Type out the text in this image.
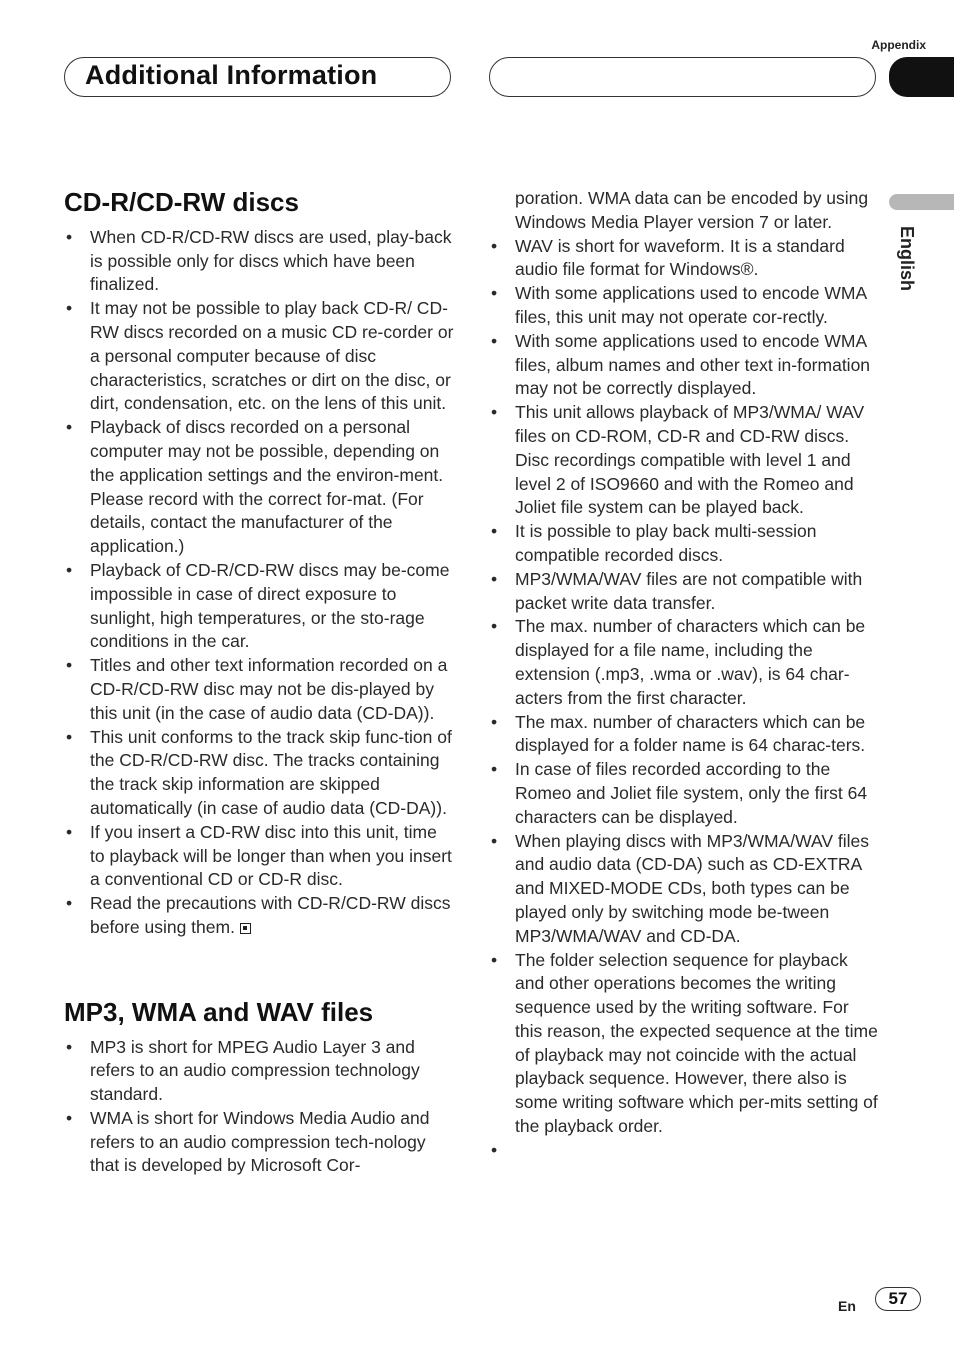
Appendix
Additional Information
English
CD-R/CD-RW discs
• When CD-R/CD-RW discs are used, play-back is possible only for discs which have been finalized.
• It may not be possible to play back CD-R/ CD-RW discs recorded on a music CD re-corder or a personal computer because of disc characteristics, scratches or dirt on the disc, or dirt, condensation, etc. on the lens of this unit.
• Playback of discs recorded on a personal computer may not be possible, depending on the application settings and the environ-ment. Please record with the correct for-mat. (For details, contact the manufacturer of the application.)
• Playback of CD-R/CD-RW discs may be-come impossible in case of direct exposure to sunlight, high temperatures, or the sto-rage conditions in the car.
• Titles and other text information recorded on a CD-R/CD-RW disc may not be dis-played by this unit (in the case of audio data (CD-DA)).
• This unit conforms to the track skip func-tion of the CD-R/CD-RW disc. The tracks containing the track skip information are skipped automatically (in case of audio data (CD-DA)).
• If you insert a CD-RW disc into this unit, time to playback will be longer than when you insert a conventional CD or CD-R disc.
• Read the precautions with CD-R/CD-RW discs before using them.
MP3, WMA and WAV files
• MP3 is short for MPEG Audio Layer 3 and refers to an audio compression technology standard.
• WMA is short for Windows Media Audio and refers to an audio compression tech-nology that is developed by Microsoft Cor-
poration. WMA data can be encoded by using Windows Media Player version 7 or later.
• WAV is short for waveform. It is a standard audio file format for Windows®.
• With some applications used to encode WMA files, this unit may not operate cor-rectly.
• With some applications used to encode WMA files, album names and other text in-formation may not be correctly displayed.
• This unit allows playback of MP3/WMA/ WAV files on CD-ROM, CD-R and CD-RW discs. Disc recordings compatible with level 1 and level 2 of ISO9660 and with the Romeo and Joliet file system can be played back.
• It is possible to play back multi-session compatible recorded discs.
• MP3/WMA/WAV files are not compatible with packet write data transfer.
• The max. number of characters which can be displayed for a file name, including the extension (.mp3, .wma or .wav), is 64 char-acters from the first character.
• The max. number of characters which can be displayed for a folder name is 64 charac-ters.
• In case of files recorded according to the Romeo and Joliet file system, only the first 64 characters can be displayed.
• When playing discs with MP3/WMA/WAV files and audio data (CD-DA) such as CD-EXTRA and MIXED-MODE CDs, both types can be played only by switching mode be-tween MP3/WMA/WAV and CD-DA.
• The folder selection sequence for playback and other operations becomes the writing sequence used by the writing software. For this reason, the expected sequence at the time of playback may not coincide with the actual playback sequence. However, there also is some writing software which per-mits setting of the playback order.
•
En	57
